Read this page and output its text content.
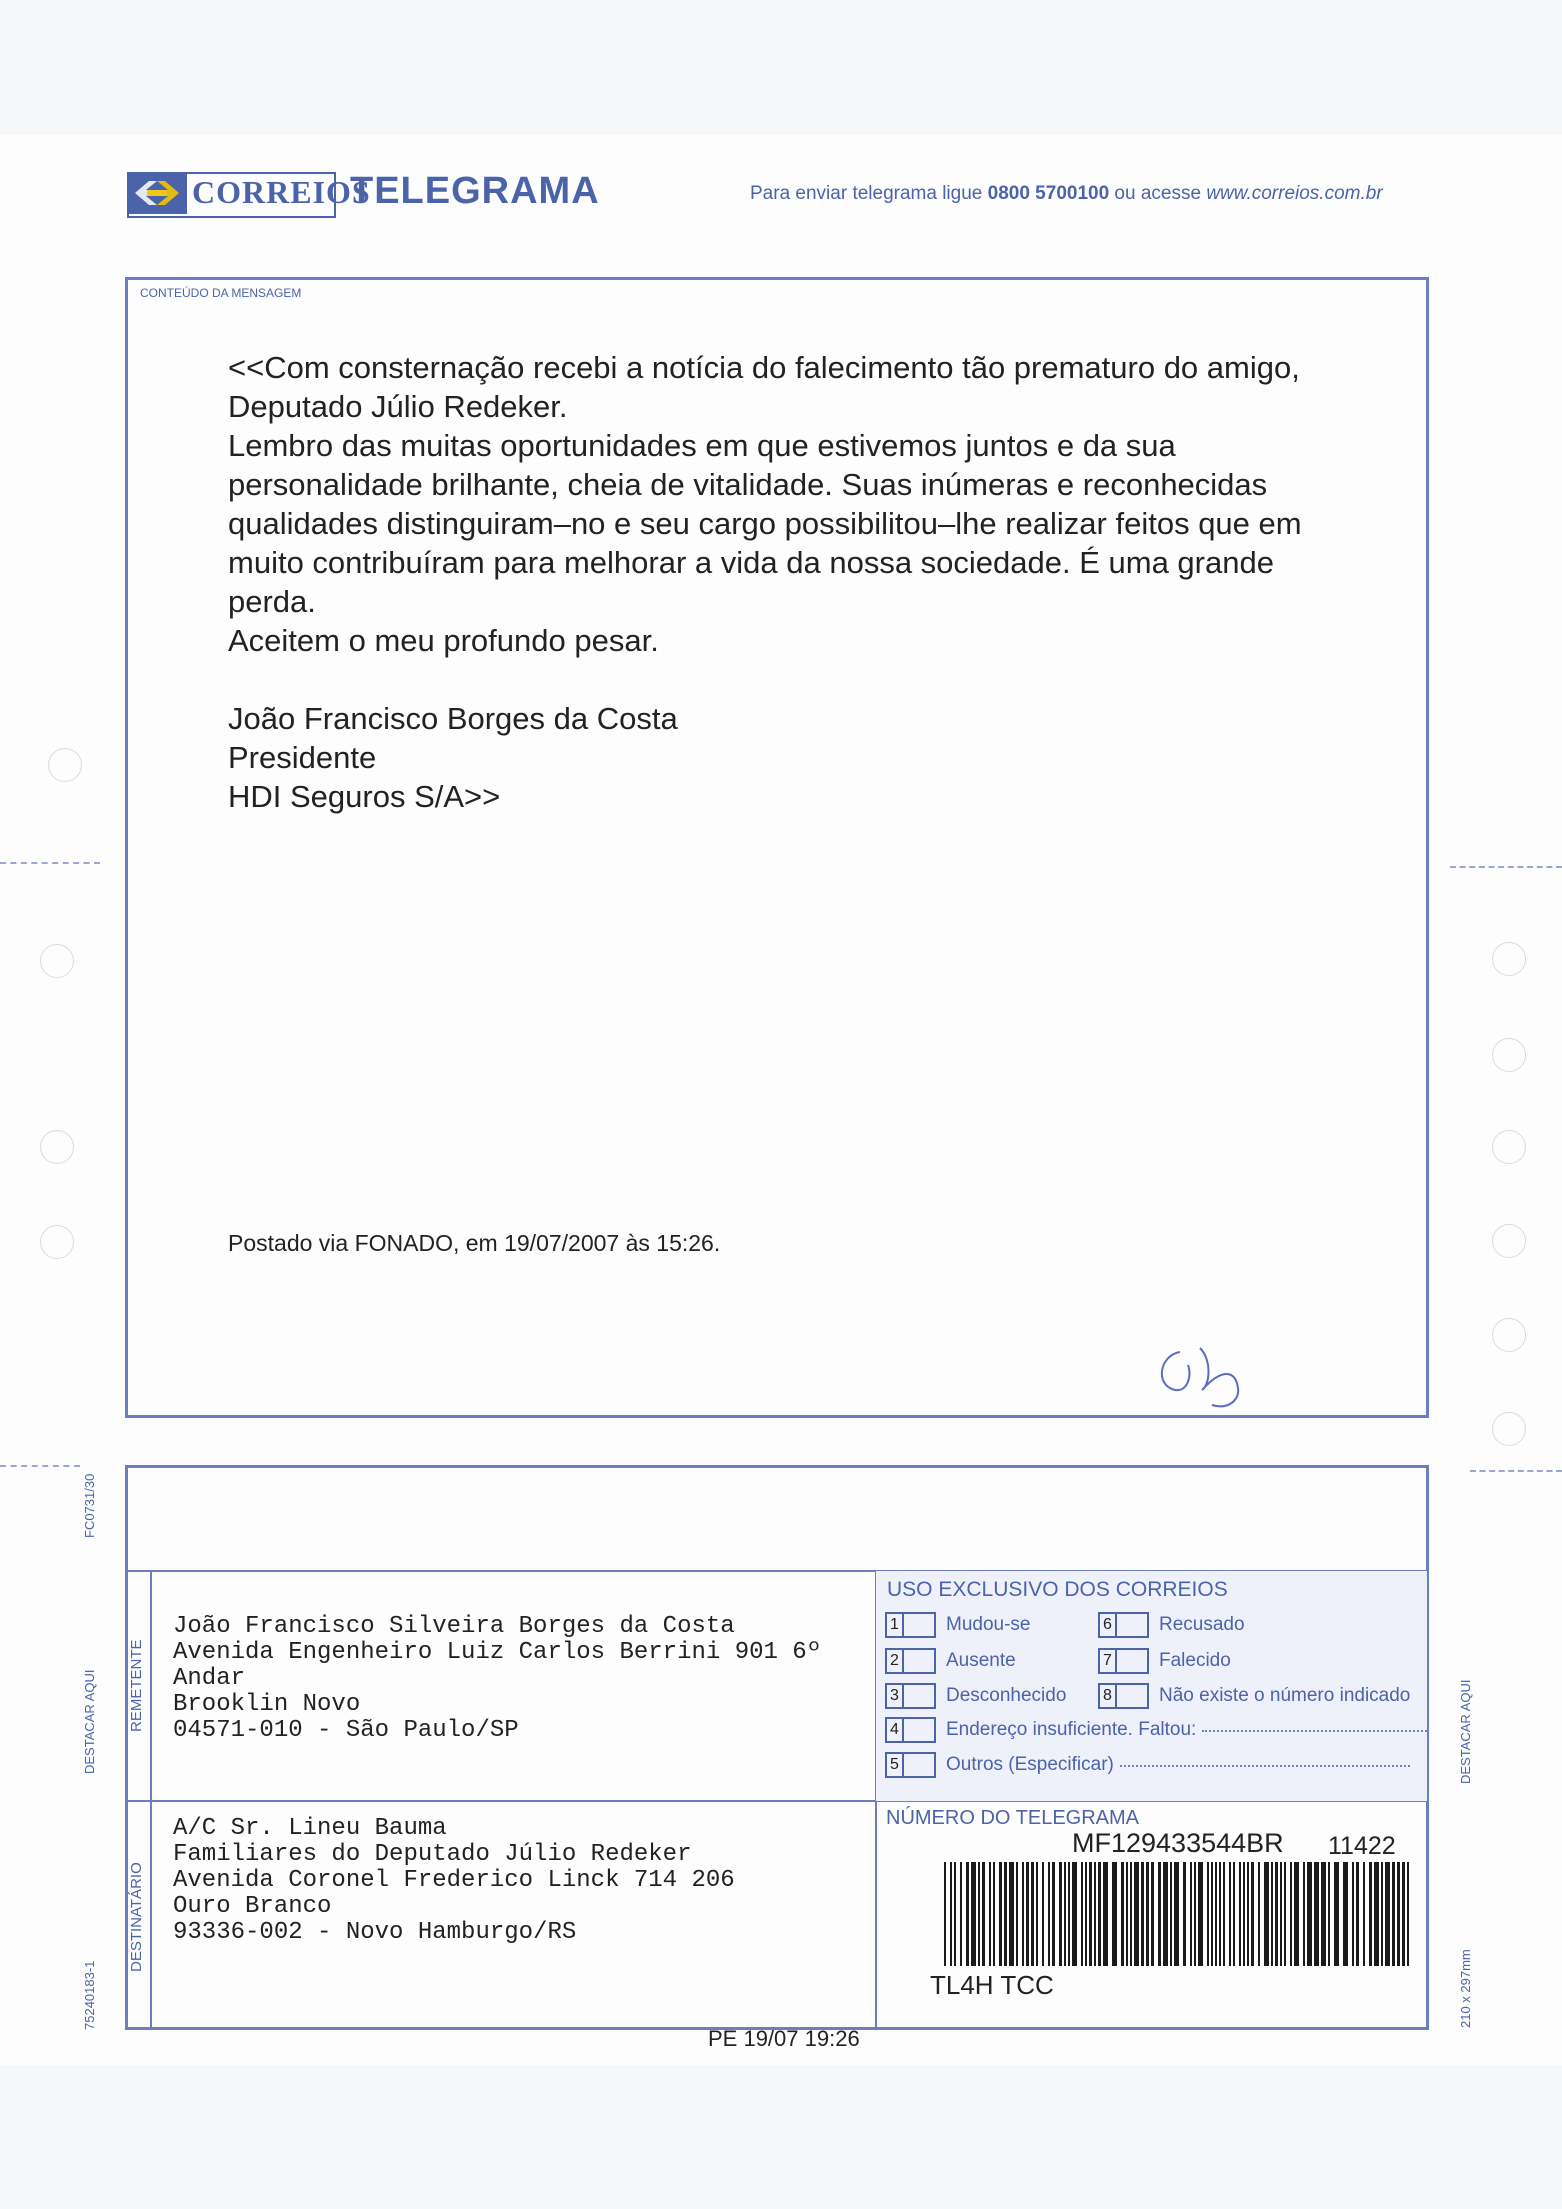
CORREIOS
TELEGRAMA	Para enviar telegrama ligue 0800 5700100 ou acesse www.correios.com.br
CONTEÚDO DA MENSAGEM

<<Com consternação recebi a notícia do falecimento tão prematuro do amigo,

Deputado Júlio Redeker.

Lembro das muitas oportunidades em que estivemos juntos e da sua

personalidade brilhante, cheia de vitalidade. Suas inúmeras e reconhecidas

qualidades distinguiram–no e seu cargo possibilitou–lhe realizar feitos que em

muito contribuíram para melhorar a vida da nossa sociedade. É uma grande

perda.

Aceitem o meu profundo pesar.

João Francisco Borges da Costa

Presidente

HDI Seguros S/A>>

Postado via FONADO, em 19/07/2007 às 15:26.
REMETENTE
João Francisco Silveira Borges da Costa
Avenida Engenheiro Luiz Carlos Berrini 901 6º
Andar
Brooklin Novo
04571-010 - São Paulo/SP
DESTINATÁRIO
A/C Sr. Lineu Bauma
Familiares do Deputado Júlio Redeker
Avenida Coronel Frederico Linck 714 206
Ouro Branco
93336-002 - Novo Hamburgo/RS
USO EXCLUSIVO DOS CORREIOS
1 Mudou-se
2 Ausente
3 Desconhecido
4 Endereço insuficiente. Faltou:
5 Outros (Especificar)
6 Recusado
7 Falecido
8 Não existe o número indicado
NÚMERO DO TELEGRAMA
MF129433544BR 11422
TL4H TCC
PE 19/07 19:26
FC0731/30
DESTACAR AQUI	DESTACAR AQUI
75240183-1	210 x 297mm
